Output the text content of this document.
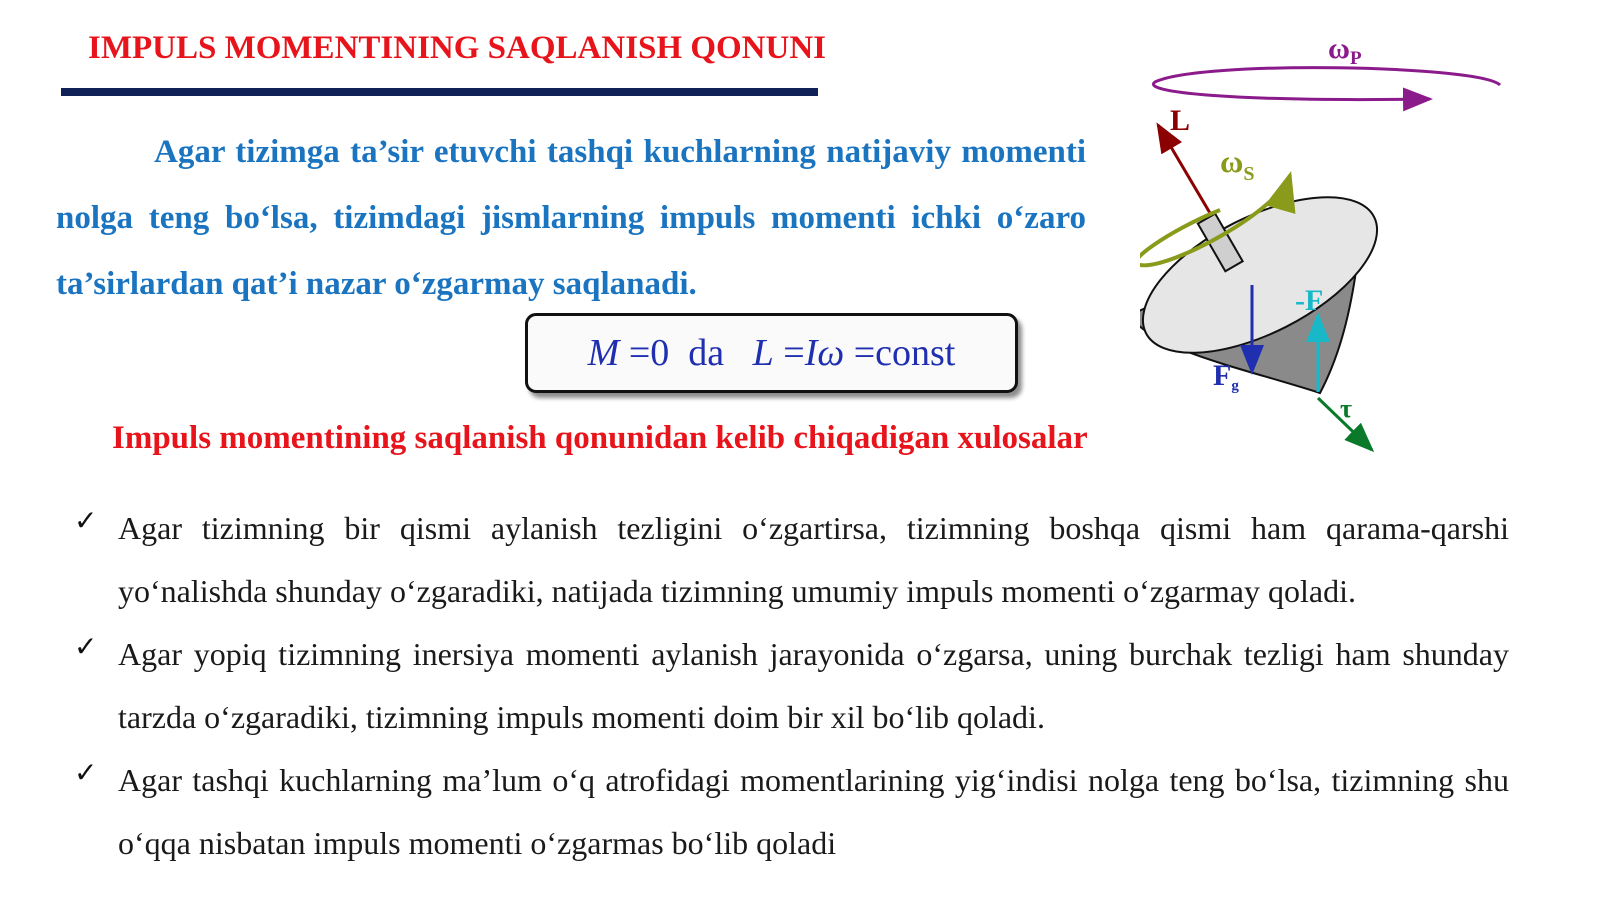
IMPULS MOMENTINING SAQLANISH QONUNI

Agar tizimga ta’sir etuvchi tashqi kuchlarning natijaviy momenti nolga teng bo‘lsa, tizimdagi jismlarning impuls momenti ichki o‘zaro ta’sirlardan qat’i nazar o‘zgarmay saqlanadi.

M =0  da   L =Iω =const
Impuls momentining saqlanish qonunidan kelib chiqadigan xulosalar
✓ Agar tizimning bir qismi aylanish tezligini o‘zgartirsa, tizimning boshqa qismi ham qarama-qarshi yo‘nalishda shunday o‘zgaradiki, natijada tizimning umumiy impuls momenti o‘zgarmay qoladi.
✓ Agar yopiq tizimning inersiya momenti aylanish jarayonida o‘zgarsa, uning burchak tezligi ham shunday tarzda o‘zgaradiki, tizimning impuls momenti doim bir xil bo‘lib qoladi.
✓ Agar tashqi kuchlarning ma’lum o‘q atrofidagi momentlarining yig‘indisi nolga teng bo‘lsa, tizimning shu o‘qqa nisbatan impuls momenti o‘zgarmas bo‘lib qoladi
$\omega_P$
L
$\omega_S$
Fg
-F
τ
